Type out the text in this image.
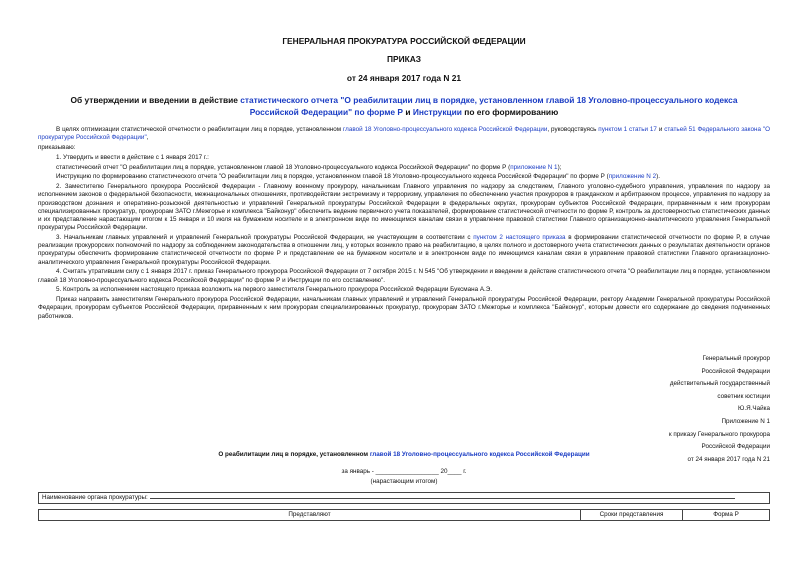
ГЕНЕРАЛЬНАЯ ПРОКУРАТУРА РОССИЙСКОЙ ФЕДЕРАЦИИ
ПРИКАЗ
от 24 января 2017 года N 21
Об утверждении и введении в действие статистического отчета "О реабилитации лиц в порядке, установленном главой 18 Уголовно-процессуального кодекса Российской Федерации" по форме Р и Инструкции по его формированию

В целях оптимизации статистической отчетности о реабилитации лиц в порядке, установленном главой 18 Уголовно-процессуального кодекса Российской Федерации, руководствуясь пунктом 1 статьи 17 и статьей 51 Федерального закона "О прокуратуре Российской Федерации",

приказываю:

1. Утвердить и ввести в действие с 1 января 2017 г.:

статистический отчет "О реабилитации лиц в порядке, установленном главой 18 Уголовно-процессуального кодекса Российской Федерации" по форме Р (приложение N 1);

Инструкцию по формированию статистического отчета "О реабилитации лиц в порядке, установленном главой 18 Уголовно-процессуального кодекса Российской Федерации" по форме Р (приложение N 2).

2. Заместителю Генерального прокурора Российской Федерации - Главному военному прокурору, начальникам Главного управления по надзору за следствием, Главного уголовно-судебного управления, управления по надзору за исполнением законов о федеральной безопасности, межнациональных отношениях, противодействии экстремизму и терроризму, управления по обеспечению участия прокуроров в гражданском и арбитражном процессе, управления по надзору за производством дознания и оперативно-розыскной деятельностью и управлений Генеральной прокуратуры Российской Федерации в федеральных округах, прокурорам субъектов Российской Федерации, приравненным к ним прокурорам специализированных прокуратур, прокурорам ЗАТО г.Межгорье и комплекса "Байконур" обеспечить ведение первичного учета показателей, формирование статистической отчетности по форме Р, контроль за достоверностью статистических данных и их представление нарастающим итогом к 15 января и 10 июля на бумажном носителе и в электронном виде по имеющимся каналам связи в управление правовой статистики Главного организационно-аналитического управления Генеральной прокуратуры Российской Федерации.

3. Начальникам главных управлений и управлений Генеральной прокуратуры Российской Федерации, не участвующим в соответствии с пунктом 2 настоящего приказа в формировании статистической отчетности по форме Р, в случае реализации прокурорских полномочий по надзору за соблюдением законодательства в отношении лиц, у которых возникло право на реабилитацию, в целях полного и достоверного учета статистических данных о результатах деятельности органов прокуратуры обеспечить формирование статистической отчетности по форме Р и представление ее на бумажном носителе и в электронном виде по имеющимся каналам связи в управление правовой статистики Главного организационно-аналитического управления Генеральной прокуратуры Российской Федерации.

4. Считать утратившим силу с 1 января 2017 г. приказ Генерального прокурора Российской Федерации от 7 октября 2015 г. N 545 "Об утверждении и введении в действие статистического отчета "О реабилитации лиц в порядке, установленном главой 18 Уголовно-процессуального кодекса Российской Федерации" по форме Р и Инструкции по его составлению".

5. Контроль за исполнением настоящего приказа возложить на первого заместителя Генерального прокурора Российской Федерации Буксмана А.Э.

Приказ направить заместителям Генерального прокурора Российской Федерации, начальникам главных управлений и управлений Генеральной прокуратуры Российской Федерации, ректору Академии Генеральной прокуратуры Российской Федерации, прокурорам субъектов Российской Федерации, приравненным к ним прокурорам специализированных прокуратур, прокурорам ЗАТО г.Межгорье и комплекса "Байконур", которым довести его содержание до сведения подчиненных работников.

Генеральный прокурор
Российской Федерации
действительный государственный
советник юстиции
Ю.Я.Чайка
Приложение N 1
к приказу Генерального прокурора
Российской Федерации
от 24 января 2017 года N 21
О реабилитации лиц в порядке, установленном главой 18 Уголовно-процессуального кодекса Российской Федерации
за январь - __________________ 20____ г.
(нарастающим итогом)
Наименование органа прокуратуры:
Представляют	Сроки представления	Форма Р
